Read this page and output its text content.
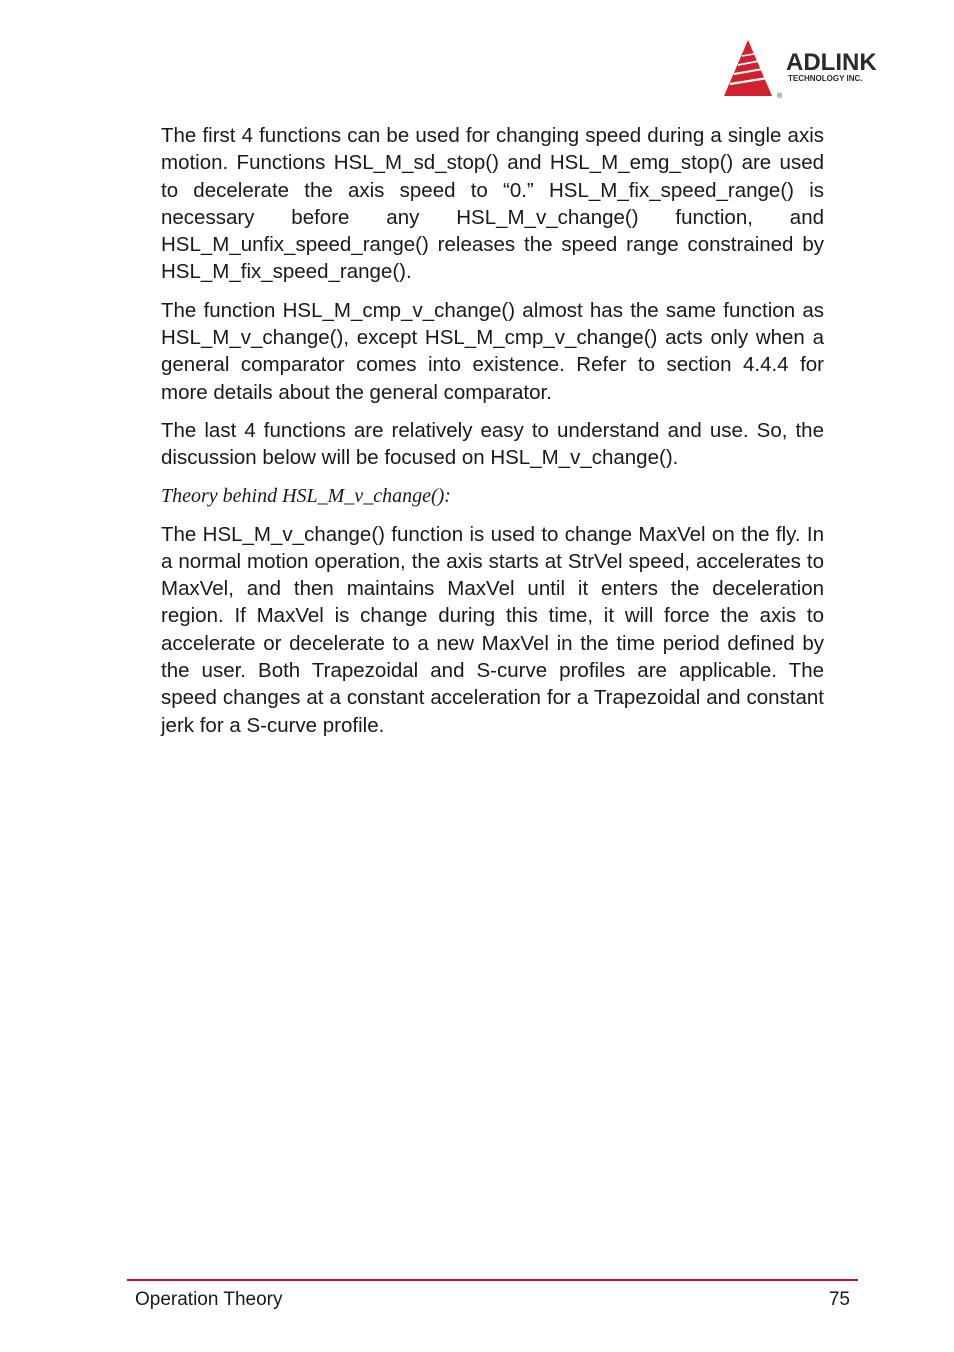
ADLINK
TECHNOLOGY INC.
®

The first 4 functions can be used for changing speed during a single axis motion. Functions HSL_M_sd_stop() and HSL_M_emg_stop() are used to decelerate the axis speed to “0.” HSL_M_fix_speed_range() is necessary before any HSL_M_v_change() function, and HSL_M_unfix_speed_range() releases the speed range constrained by HSL_M_fix_speed_range().

The function HSL_M_cmp_v_change() almost has the same function as HSL_M_v_change(), except HSL_M_cmp_v_change() acts only when a general comparator comes into existence. Refer to section 4.4.4 for more details about the general comparator.

The last 4 functions are relatively easy to understand and use. So, the discussion below will be focused on HSL_M_v_change().

Theory behind HSL_M_v_change():

The HSL_M_v_change() function is used to change MaxVel on the fly. In a normal motion operation, the axis starts at StrVel speed, accelerates to MaxVel, and then maintains MaxVel until it enters the deceleration region. If MaxVel is change during this time, it will force the axis to accelerate or decelerate to a new MaxVel in the time period defined by the user. Both Trapezoidal and S-curve profiles are applicable. The speed changes at a constant acceleration for a Trapezoidal and constant jerk for a S-curve profile.

Operation Theory	75
